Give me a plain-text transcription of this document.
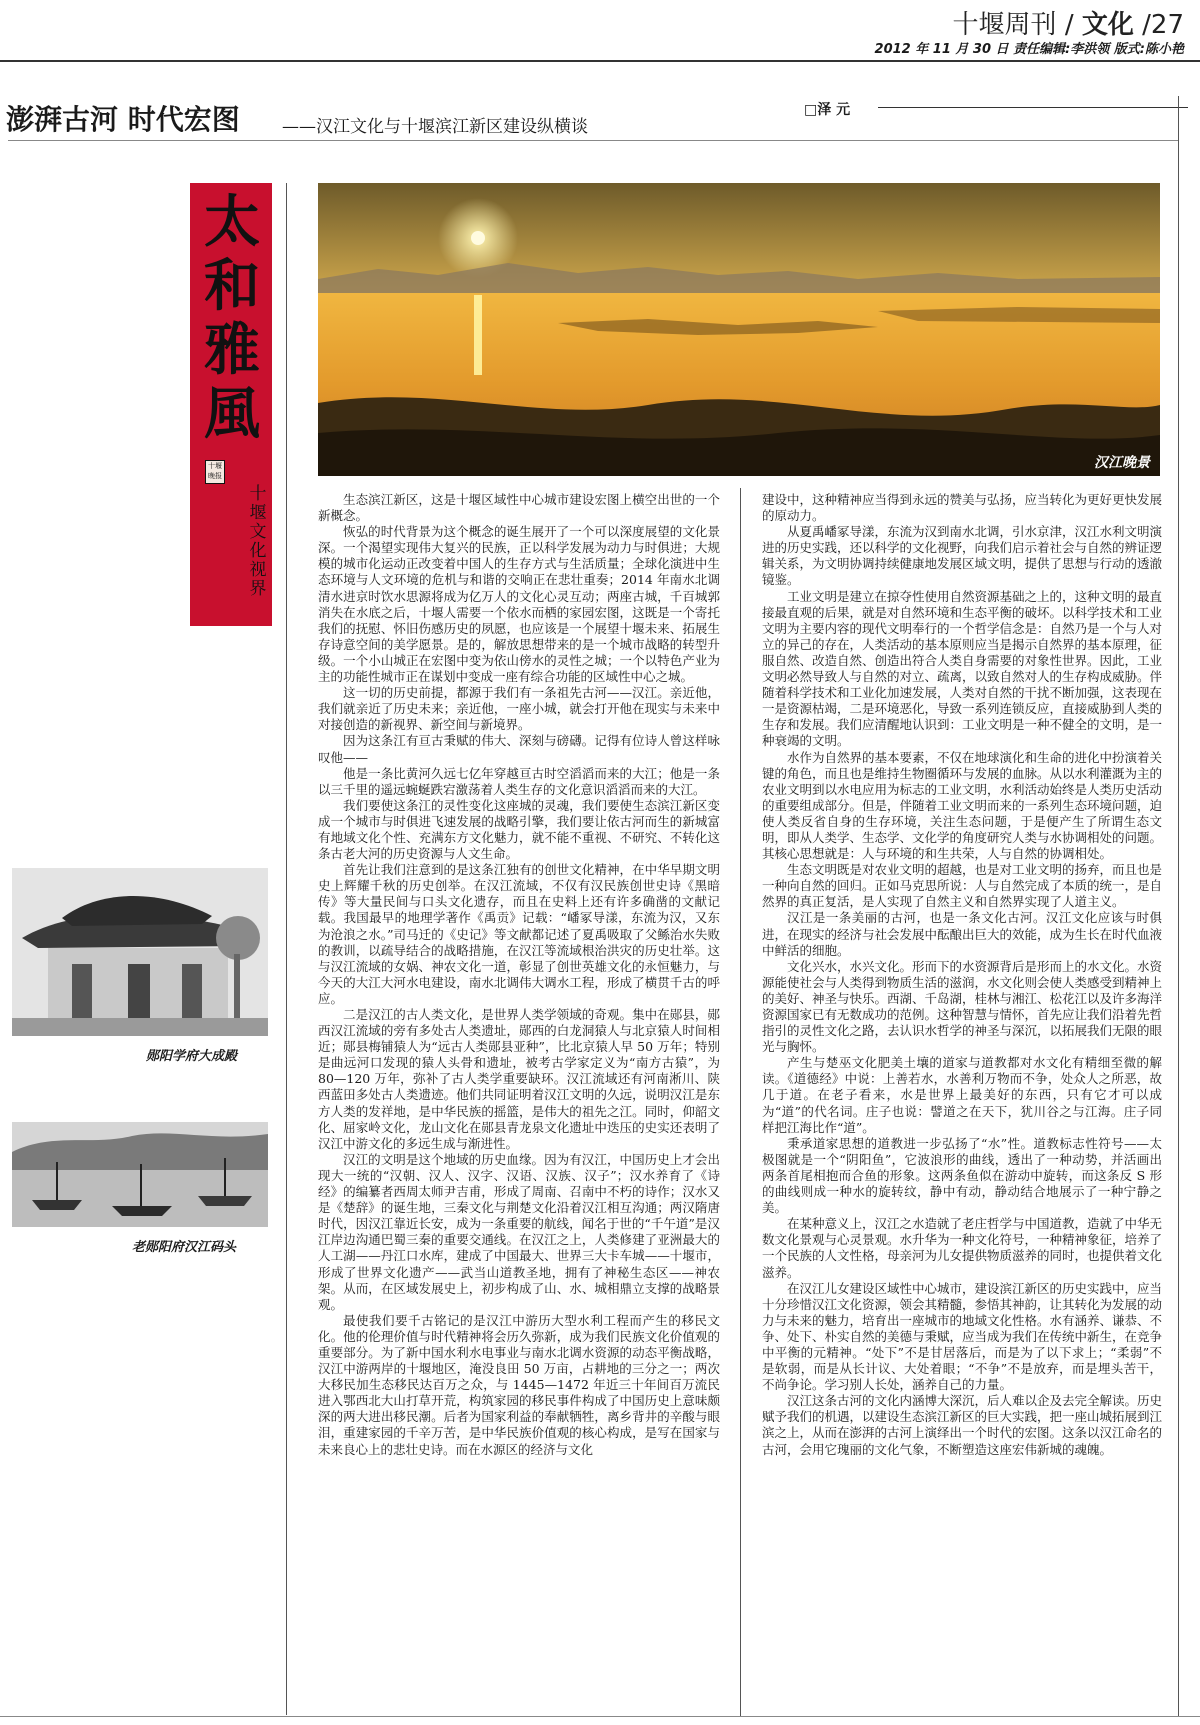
十堰周刊 / 文化 /27
2012 年 11 月 30 日 责任编辑:李洪领 版式:陈小艳
澎湃古河 时代宏图 ——汉江文化与十堰滨江新区建设纵横谈
□泽 元
太
和
雅
風
十堰晚报
十堰文化视界
汉江晚景
郧阳学府大成殿
老郧阳府汉江码头

生态滨江新区，这是十堰区域性中心城市建设宏图上横空出世的一个新概念。

恢弘的时代背景为这个概念的诞生展开了一个可以深度展望的文化景深。一个渴望实现伟大复兴的民族，正以科学发展为动力与时俱进；大规模的城市化运动正改变着中国人的生存方式与生活质量；全球化演进中生态环境与人文环境的危机与和谐的交响正在悲壮重奏；2014 年南水北调清水进京时饮水思源将成为亿万人的文化心灵互动；两座古城，千百城郭消失在水底之后，十堰人需要一个依水而栖的家园宏图，这既是一个寄托我们的抚慰、怀旧伤感历史的夙愿，也应该是一个展望十堰未来、拓展生存诗意空间的美学愿景。是的，解放思想带来的是一个城市战略的转型升级。一个小山城正在宏图中变为依山傍水的灵性之城；一个以特色产业为主的功能性城市正在谋划中变成一座有综合功能的区域性中心之城。

这一切的历史前提，都源于我们有一条祖先古河——汉江。亲近他，我们就亲近了历史未来；亲近他，一座小城，就会打开他在现实与未来中对接创造的新视界、新空间与新境界。

因为这条江有亘古秉赋的伟大、深刻与磅礴。记得有位诗人曾这样咏叹他——

他是一条比黄河久远七亿年穿越亘古时空滔滔而来的大江；他是一条以三千里的遥远蜿蜒跌宕激荡着人类生存的文化意识滔滔而来的大江。

我们要使这条江的灵性变化这座城的灵魂，我们要使生态滨江新区变成一个城市与时俱进飞速发展的战略引擎，我们要让依古河而生的新城富有地域文化个性、充满东方文化魅力，就不能不重视、不研究、不转化这条古老大河的历史资源与人文生命。

首先让我们注意到的是这条江独有的创世文化精神，在中华早期文明史上辉耀千秋的历史创举。在汉江流域，不仅有汉民族创世史诗《黑暗传》等大量民间与口头文化遗存，而且在史料上还有许多确凿的文献记载。我国最早的地理学著作《禹贡》记载：“嶓冢导漾，东流为汉，又东为沧浪之水。”司马迁的《史记》等文献都记述了夏禹吸取了父鲧治水失败的教训，以疏导结合的战略措施，在汉江等流域根治洪灾的历史壮举。这与汉江流域的女娲、神农文化一道，彰显了创世英雄文化的永恒魅力，与今天的大江大河水电建设，南水北调伟大调水工程，形成了横贯千古的呼应。

二是汉江的古人类文化，是世界人类学领域的奇观。集中在郧县，郧西汉江流域的旁有多处古人类遗址，郧西的白龙洞猿人与北京猿人时间相近；郧县梅铺猿人为“远古人类郧县亚种”，比北京猿人早 50 万年；特别是曲远河口发现的猿人头骨和遗址，被考古学家定义为“南方古猿”，为 80—120 万年，弥补了古人类学重要缺环。汉江流域还有河南淅川、陕西蓝田多处古人类遗迹。他们共同证明着汉江文明的久远，说明汉江是东方人类的发祥地，是中华民族的摇篮，是伟大的祖先之江。同时，仰韶文化、屈家岭文化，龙山文化在郧县青龙泉文化遗址中迭压的史实还表明了汉江中游文化的多远生成与渐进性。

汉江的文明是这个地域的历史血缘。因为有汉江，中国历史上才会出现大一统的“汉朝、汉人、汉字、汉语、汉族、汉子”；汉水养育了《诗经》的编纂者西周太师尹吉甫，形成了周南、召南中不朽的诗作；汉水又是《楚辞》的诞生地，三秦文化与荆楚文化沿着汉江相互沟通；两汉隋唐时代，因汉江靠近长安，成为一条重要的航线，闻名于世的“千午道”是汉江岸边沟通巴蜀三秦的重要交通线。在汉江之上，人类修建了亚洲最大的人工湖——丹江口水库，建成了中国最大、世界三大卡车城——十堰市，形成了世界文化遗产——武当山道教圣地，拥有了神秘生态区——神农架。从而，在区域发展史上，初步构成了山、水、城相鼎立支撑的战略景观。

最使我们要千古铭记的是汉江中游历大型水利工程而产生的移民文化。他的伦理价值与时代精神将会历久弥新，成为我们民族文化价值观的重要部分。为了新中国水利水电事业与南水北调水资源的动态平衡战略，汉江中游两岸的十堰地区，淹没良田 50 万亩，占耕地的三分之一；两次大移民加生态移民达百万之众，与 1445—1472 年近三十年间百万流民进入鄂西北大山打草开荒，构筑家园的移民事件构成了中国历史上意味颇深的两大进出移民潮。后者为国家利益的奉献牺牲，离乡背井的辛酸与眼泪，重建家园的千辛万苦，是中华民族价值观的核心构成，是写在国家与未来良心上的悲壮史诗。而在水源区的经济与文化

建设中，这种精神应当得到永远的赞美与弘扬，应当转化为更好更快发展的原动力。

从夏禹嶓冢导漾，东流为汉到南水北调，引水京津，汉江水利文明演进的历史实践，还以科学的文化视野，向我们启示着社会与自然的辨证逻辑关系，为文明协调持续健康地发展区域文明，提供了思想与行动的透澈镜鉴。

工业文明是建立在掠夺性使用自然资源基础之上的，这种文明的最直接最直观的后果，就是对自然环境和生态平衡的破坏。以科学技术和工业文明为主要内容的现代文明奉行的一个哲学信念是：自然乃是一个与人对立的异己的存在，人类活动的基本原则应当是揭示自然界的基本原理，征服自然、改造自然、创造出符合人类自身需要的对象性世界。因此，工业文明必然导致人与自然的对立、疏离，以致自然对人的生存构成威胁。伴随着科学技术和工业化加速发展，人类对自然的干扰不断加强，这表现在一是资源枯竭，二是环境恶化，导致一系列连锁反应，直接威胁到人类的生存和发展。我们应清醒地认识到：工业文明是一种不健全的文明，是一种衰竭的文明。

水作为自然界的基本要素，不仅在地球演化和生命的进化中扮演着关键的角色，而且也是维持生物圈循环与发展的血脉。从以水利灌溉为主的农业文明到以水电应用为标志的工业文明，水利活动始终是人类历史活动的重要组成部分。但是，伴随着工业文明而来的一系列生态环境问题，迫使人类反省自身的生存环境，关注生态问题，于是便产生了所谓生态文明，即从人类学、生态学、文化学的角度研究人类与水协调相处的问题。其核心思想就是：人与环境的和生共荣，人与自然的协调相处。

生态文明既是对农业文明的超越，也是对工业文明的扬弃，而且也是一种向自然的回归。正如马克思所说：人与自然完成了本质的统一，是自然界的真正复活，是人实现了自然主义和自然界实现了人道主义。

汉江是一条美丽的古河，也是一条文化古河。汉江文化应该与时俱进，在现实的经济与社会发展中酝酿出巨大的效能，成为生长在时代血液中鲜活的细胞。

文化兴水，水兴文化。形而下的水资源背后是形而上的水文化。水资源能使社会与人类得到物质生活的滋润，水文化则会使人类感受到精神上的美好、神圣与快乐。西湖、千岛湖，桂林与湘江、松花江以及许多海洋资源国家已有无数成功的范例。这种智慧与情怀，首先应让我们沿着先哲指引的灵性文化之路，去认识水哲学的神圣与深沉，以拓展我们无限的眼光与胸怀。

产生与楚巫文化肥美土壤的道家与道教都对水文化有精细至微的解读。《道德经》中说：上善若水，水善利万物而不争，处众人之所恶，故几于道。在老子看来，水是世界上最美好的东西，只有它才可以成为“道”的代名词。庄子也说：譬道之在天下，犹川谷之与江海。庄子同样把江海比作“道”。

秉承道家思想的道教进一步弘扬了“水”性。道教标志性符号——太极图就是一个“阴阳鱼”，它波浪形的曲线，透出了一种动势，并活画出两条首尾相抱而合鱼的形象。这两条鱼似在游动中旋转，而这条反 S 形的曲线则成一种水的旋转纹，静中有动，静动结合地展示了一种宁静之美。

在某种意义上，汉江之水造就了老庄哲学与中国道教，造就了中华无数文化景观与心灵景观。水升华为一种文化符号，一种精神象征，培养了一个民族的人文性格，母亲河为儿女提供物质滋养的同时，也提供着文化滋养。

在汉江儿女建设区域性中心城市，建设滨江新区的历史实践中，应当十分珍惜汉江文化资源，领会其精髓，参悟其神韵，让其转化为发展的动力与未来的魅力，培育出一座城市的地域文化性格。水有涵养、谦恭、不争、处下、朴实自然的美德与秉赋，应当成为我们在传统中新生，在竞争中平衡的元精神。“处下”不是甘居落后，而是为了以下求上；“柔弱”不是软弱，而是从长计议、大处着眼；“不争”不是放弃，而是埋头苦干，不尚争论。学习别人长处，涵养自己的力量。

汉江这条古河的文化内涵博大深沉，后人难以企及去完全解读。历史赋予我们的机遇，以建设生态滨江新区的巨大实践，把一座山城拓展到江滨之上，从而在澎湃的古河上演绎出一个时代的宏图。这条以汉江命名的古河，会用它瑰丽的文化气象，不断塑造这座宏伟新城的魂魄。
